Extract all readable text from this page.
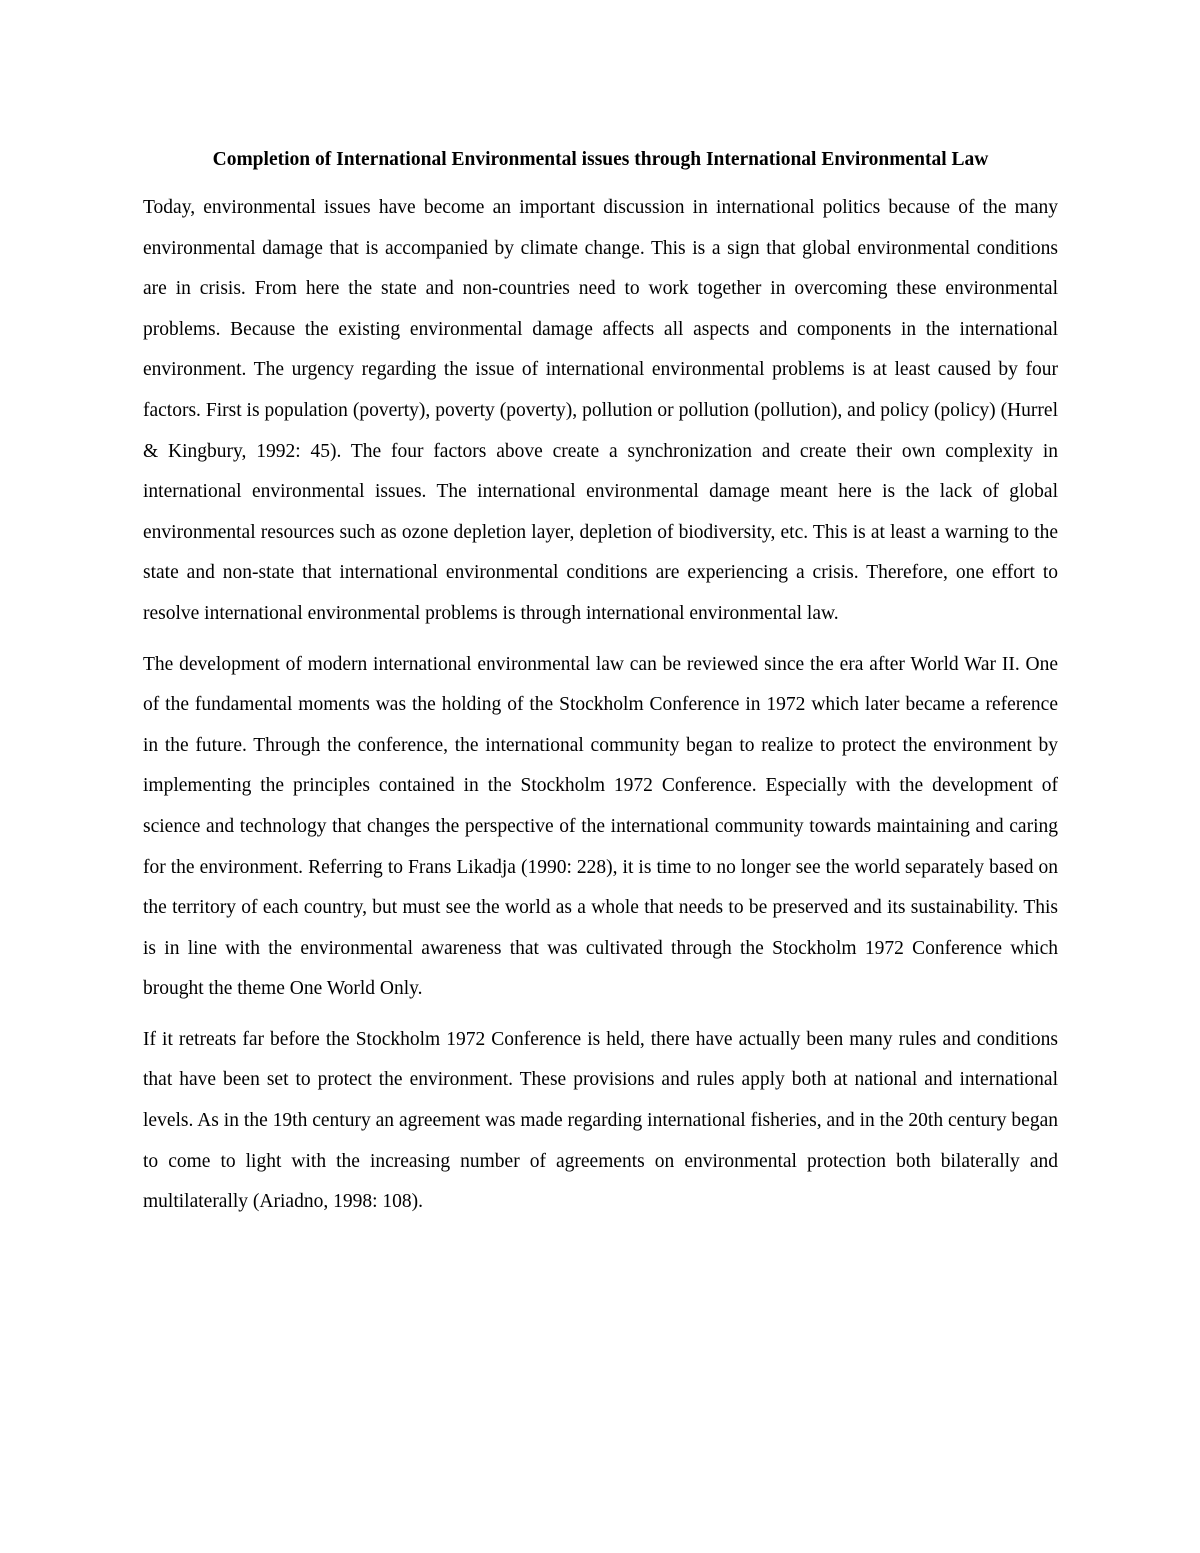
Completion of International Environmental issues through International Environmental Law

Today, environmental issues have become an important discussion in international politics because of the many environmental damage that is accompanied by climate change. This is a sign that global environmental conditions are in crisis. From here the state and non-countries need to work together in overcoming these environmental problems. Because the existing environmental damage affects all aspects and components in the international environment. The urgency regarding the issue of international environmental problems is at least caused by four factors. First is population (poverty), poverty (poverty), pollution or pollution (pollution), and policy (policy) (Hurrel & Kingbury, 1992: 45). The four factors above create a synchronization and create their own complexity in international environmental issues. The international environmental damage meant here is the lack of global environmental resources such as ozone depletion layer, depletion of biodiversity, etc. This is at least a warning to the state and non-state that international environmental conditions are experiencing a crisis. Therefore, one effort to resolve international environmental problems is through international environmental law.

The development of modern international environmental law can be reviewed since the era after World War II. One of the fundamental moments was the holding of the Stockholm Conference in 1972 which later became a reference in the future. Through the conference, the international community began to realize to protect the environment by implementing the principles contained in the Stockholm 1972 Conference. Especially with the development of science and technology that changes the perspective of the international community towards maintaining and caring for the environment. Referring to Frans Likadja (1990: 228), it is time to no longer see the world separately based on the territory of each country, but must see the world as a whole that needs to be preserved and its sustainability. This is in line with the environmental awareness that was cultivated through the Stockholm 1972 Conference which brought the theme One World Only.

If it retreats far before the Stockholm 1972 Conference is held, there have actually been many rules and conditions that have been set to protect the environment. These provisions and rules apply both at national and international levels. As in the 19th century an agreement was made regarding international fisheries, and in the 20th century began to come to light with the increasing number of agreements on environmental protection both bilaterally and multilaterally (Ariadno, 1998: 108).
